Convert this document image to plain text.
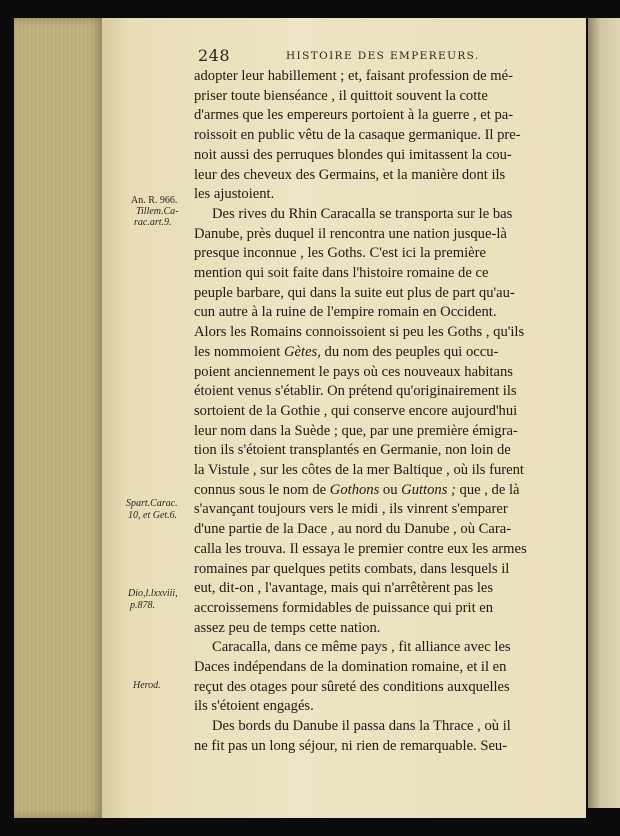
248	HISTOIRE DES EMPEREURS.
An. R. 966.
Tillem.Ca-
rac.art.9.
Spart.Carac.
10, et Get.6.
Dio,l.lxxviii,
p.878.
Herod.
adopter leur habillement ; et, faisant profession de mé-
priser toute bienséance , il quittoit souvent la cotte
d'armes que les empereurs portoient à la guerre , et pa-
roissoit en public vêtu de la casaque germanique. Il pre-
noit aussi des perruques blondes qui imitassent la cou-
leur des cheveux des Germains, et la manière dont ils
les ajustoient.
Des rives du Rhin Caracalla se transporta sur le bas
Danube, près duquel il rencontra une nation jusque-là
presque inconnue , les Goths. C'est ici la première
mention qui soit faite dans l'histoire romaine de ce
peuple barbare, qui dans la suite eut plus de part qu'au-
cun autre à la ruine de l'empire romain en Occident.
Alors les Romains connoissoient si peu les Goths , qu'ils
les nommoient Gètes, du nom des peuples qui occu-
poient anciennement le pays où ces nouveaux habitans
étoient venus s'établir. On prétend qu'originairement ils
sortoient de la Gothie , qui conserve encore aujourd'hui
leur nom dans la Suède ; que, par une première émigra-
tion ils s'étoient transplantés en Germanie, non loin de
la Vistule , sur les côtes de la mer Baltique , où ils furent
connus sous le nom de Gothons ou Guttons ; que , de là
s'avançant toujours vers le midi , ils vinrent s'emparer
d'une partie de la Dace , au nord du Danube , où Cara-
calla les trouva. Il essaya le premier contre eux les armes
romaines par quelques petits combats, dans lesquels il
eut, dit-on , l'avantage, mais qui n'arrêtèrent pas les
accroissemens formidables de puissance qui prit en
assez peu de temps cette nation.
Caracalla, dans ce même pays , fit alliance avec les
Daces indépendans de la domination romaine, et il en
reçut des otages pour sûreté des conditions auxquelles
ils s'étoient engagés.
Des bords du Danube il passa dans la Thrace , où il
ne fit pas un long séjour, ni rien de remarquable. Seu-
